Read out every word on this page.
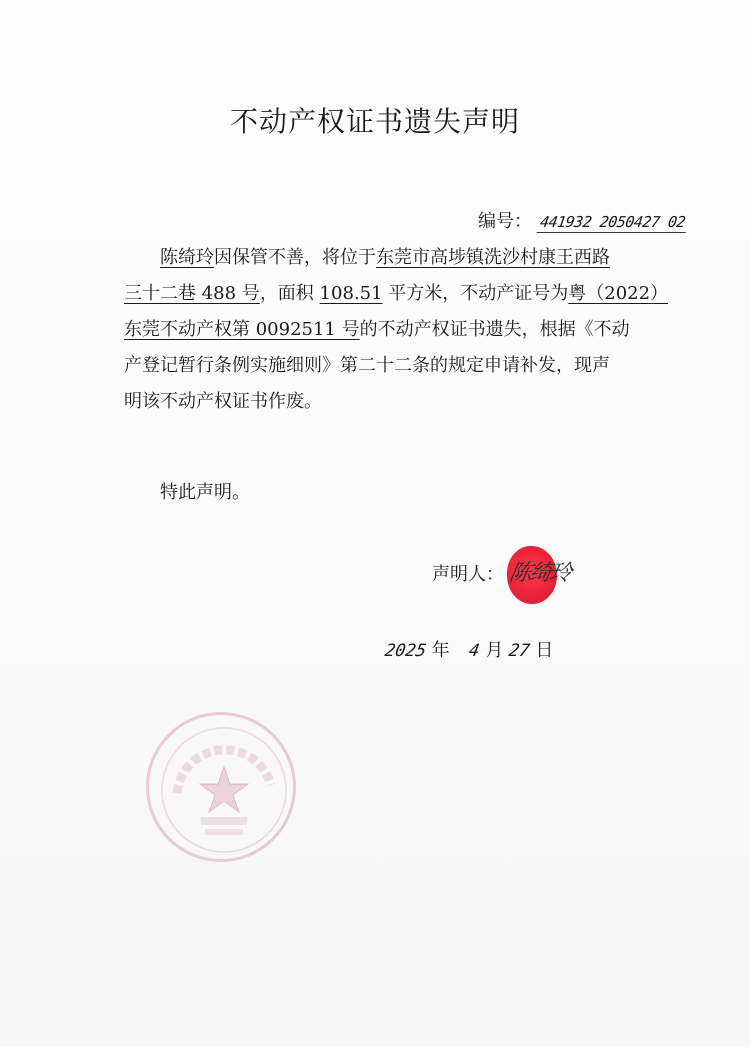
不动产权证书遗失声明
编号： 441932 2050427 02
陈绮玲因保管不善，将位于东莞市高埗镇洗沙村康王西路
三十二巷 488 号，面积 108.51 平方米，不动产证号为粤（2022）
东莞不动产权第 0092511 号的不动产权证书遗失，根据《不动
产登记暂行条例实施细则》第二十二条的规定申请补发，现声
明该不动产权证书作废。
特此声明。
声明人： 陈绮玲
2025 年 4 月 27 日
